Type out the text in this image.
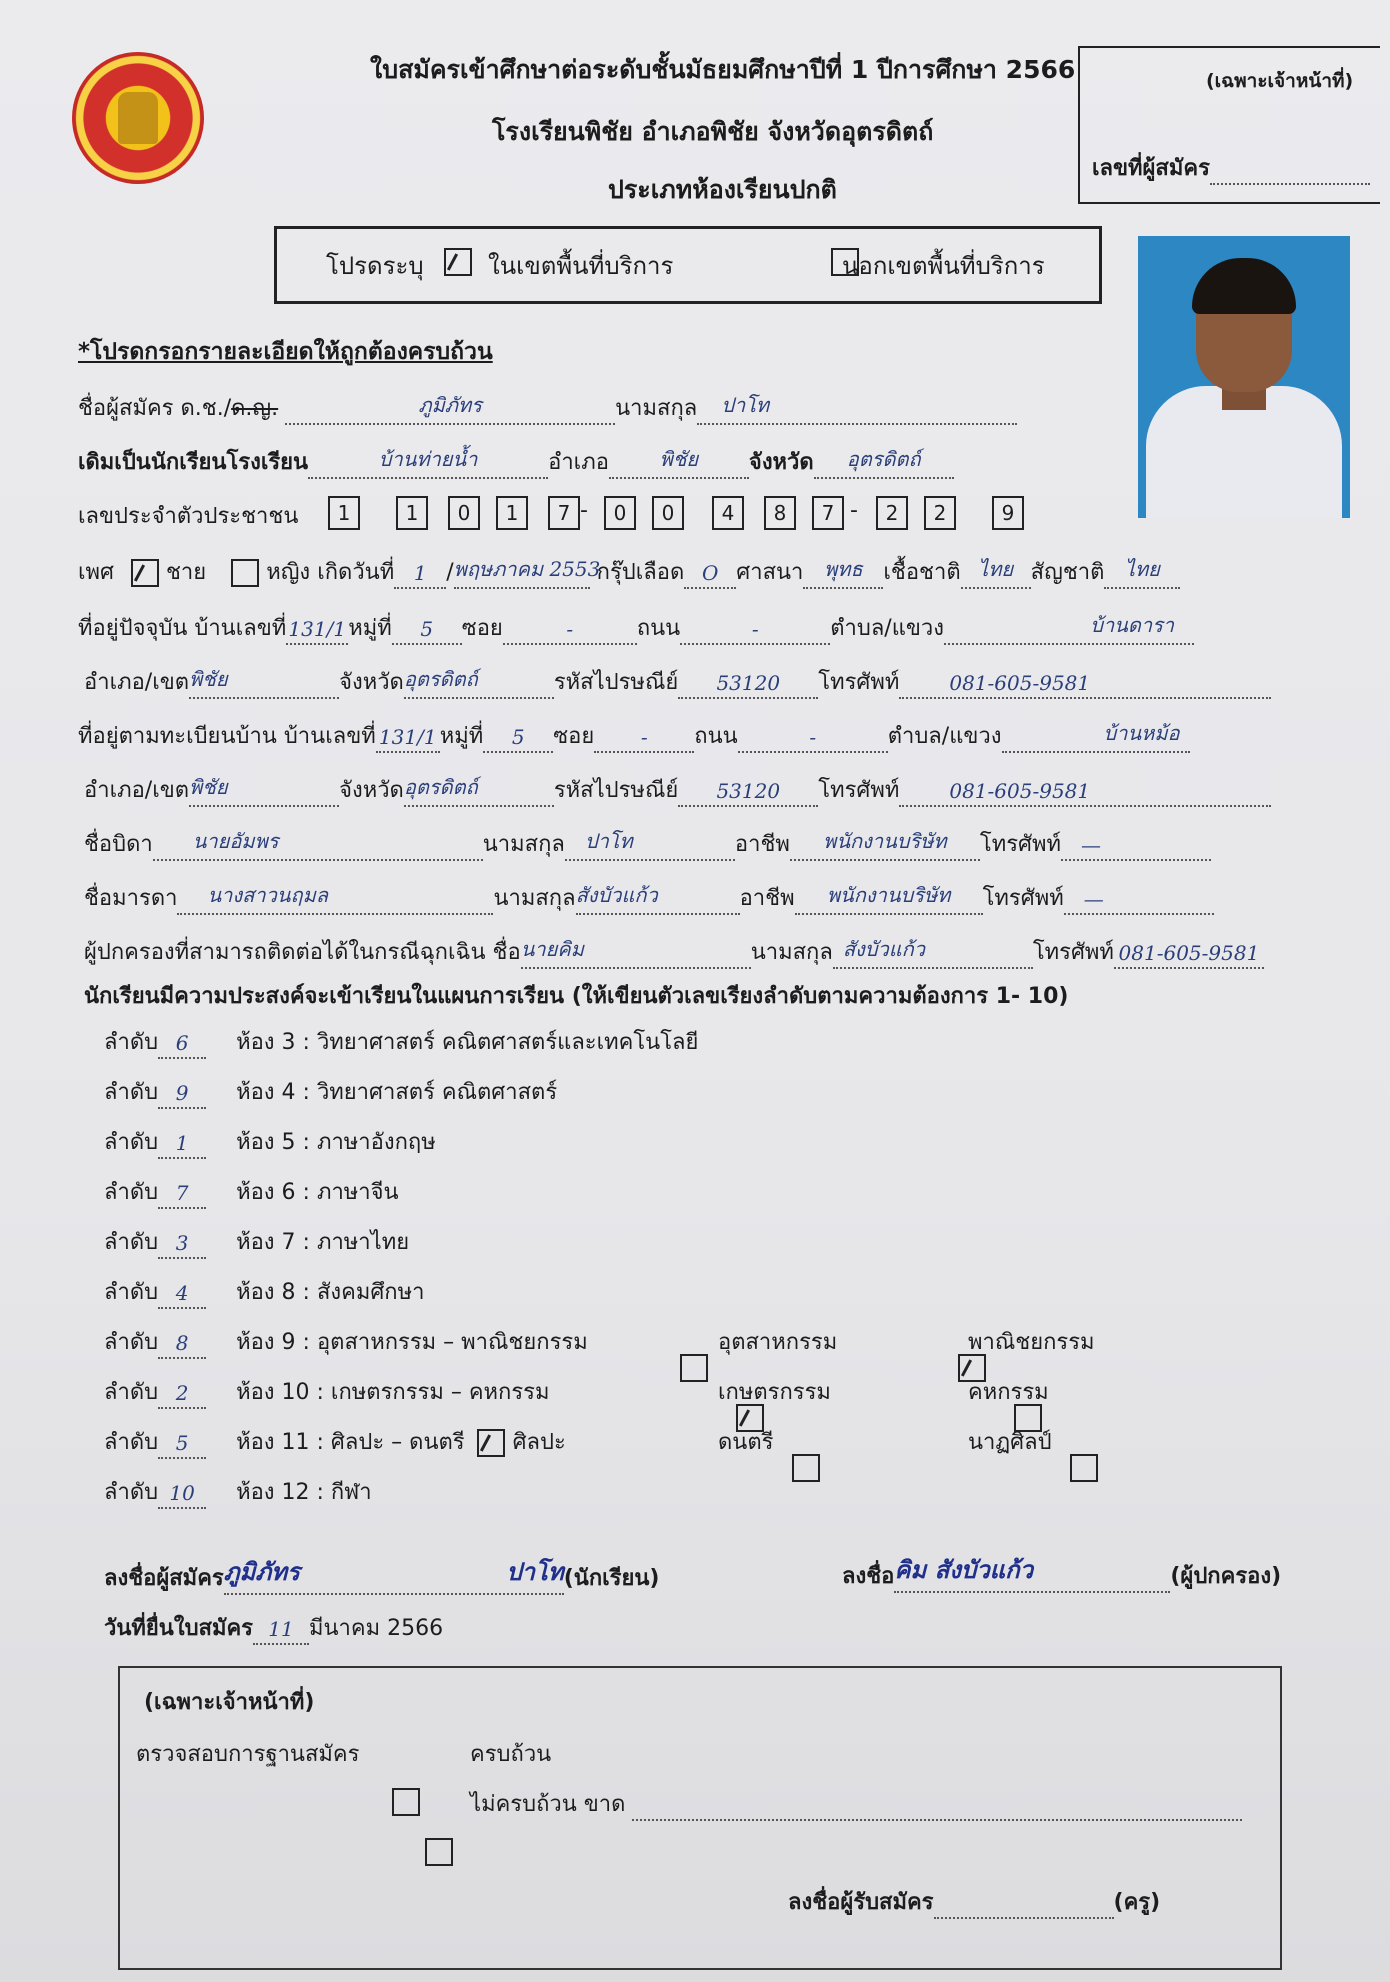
ใบสมัครเข้าศึกษาต่อระดับชั้นมัธยมศึกษาปีที่ 1 ปีการศึกษา 2566
โรงเรียนพิชัย อำเภอพิชัย จังหวัดอุตรดิตถ์
ประเภทห้องเรียนปกติ
(เฉพาะเจ้าหน้าที่)
เลขที่ผู้สมัคร
โปรดระบุ
	ในเขตพื้นที่บริการ	นอกเขตพื้นที่บริการ
*โปรดกรอกรายละเอียดให้ถูกต้องครบถ้วน
ชื่อผู้สมัคร ด.ช./ด.ญ.	ภูมิภัทร	นามสกุล	ปาโท
เดิมเป็นนักเรียนโรงเรียน	บ้านท่ายน้ำ	อำเภอ	พิชัย	จังหวัด	อุตรดิตถ์
เลขประจำตัวประชาชน	1	1	0	1	7	0	0	4	8	7	2	2	9
-	-
เพศ ชาย	หญิง เกิดวันที่ 1 / พฤษภาคม 2553
กรุ๊ปเลือด O ศาสนา	พุทธ เชื้อชาติ ไทย สัญชาติ	ไทย
ที่อยู่ปัจจุบัน บ้านเลขที่ 131/1 หมู่ที่	5	ซอย	-	ถนน	-	ตำบล/แขวง	บ้านดารา
อำเภอ/เขต พิชัย	จังหวัด อุตรดิตถ์	รหัสไปรษณีย์	53120	โทรศัพท์	081-605-9581
ที่อยู่ตามทะเบียนบ้าน บ้านเลขที่ 131/1 หมู่ที่	5	ซอย	-	ถนน	-	ตำบล/แขวง	บ้านหม้อ
อำเภอ/เขต พิชัย	จังหวัด อุตรดิตถ์	รหัสไปรษณีย์	53120	โทรศัพท์	081-605-9581
ชื่อบิดา	นายอัมพร	นามสกุล	ปาโท	อาชีพ	พนักงานบริษัท	โทรศัพท์	—
ชื่อมารดา	นางสาวนฤมล	นามสกุล สังบัวแก้ว	อาชีพ	พนักงานบริษัท	โทรศัพท์	—
ผู้ปกครองที่สามารถติดต่อได้ในกรณีฉุกเฉิน ชื่อ นายคิม	นามสกุล สังบัวแก้ว	โทรศัพท์ 081-605-9581
นักเรียนมีความประสงค์จะเข้าเรียนในแผนการเรียน (ให้เขียนตัวเลขเรียงลำดับตามความต้องการ 1- 10)
ลำดับ 6	ห้อง 3 : วิทยาศาสตร์ คณิตศาสตร์และเทคโนโลยี
ลำดับ 9	ห้อง 4 : วิทยาศาสตร์ คณิตศาสตร์
ลำดับ 1	ห้อง 5 : ภาษาอังกฤษ
ลำดับ 7	ห้อง 6 : ภาษาจีน
ลำดับ 3	ห้อง 7 : ภาษาไทย
ลำดับ 4	ห้อง 8 : สังคมศึกษา
ลำดับ 8	ห้อง 9 : อุตสาหกรรม – พาณิชยกรรม	อุตสาหกรรม	พาณิชยกรรม
ลำดับ 2	ห้อง 10 : เกษตรกรรม – คหกรรม	เกษตรกรรม	คหกรรม
ลำดับ 5	ห้อง 11 : ศิลปะ – ดนตรี ศิลปะ	ดนตรี	นาฏศิลป์
ลำดับ 10	ห้อง 12 : กีฬา
ลงชื่อผู้สมัคร ภูมิภัทร	ปาโท (นักเรียน)	ลงชื่อ คิม สังบัวแก้ว	(ผู้ปกครอง)
วันที่ยื่นใบสมัคร 11 มีนาคม 2566
(เฉพาะเจ้าหน้าที่)
ตรวจสอบการฐานสมัคร
	ครบถ้วน
ไม่ครบถ้วน ขาด
ลงชื่อผู้รับสมัคร	(ครู)
